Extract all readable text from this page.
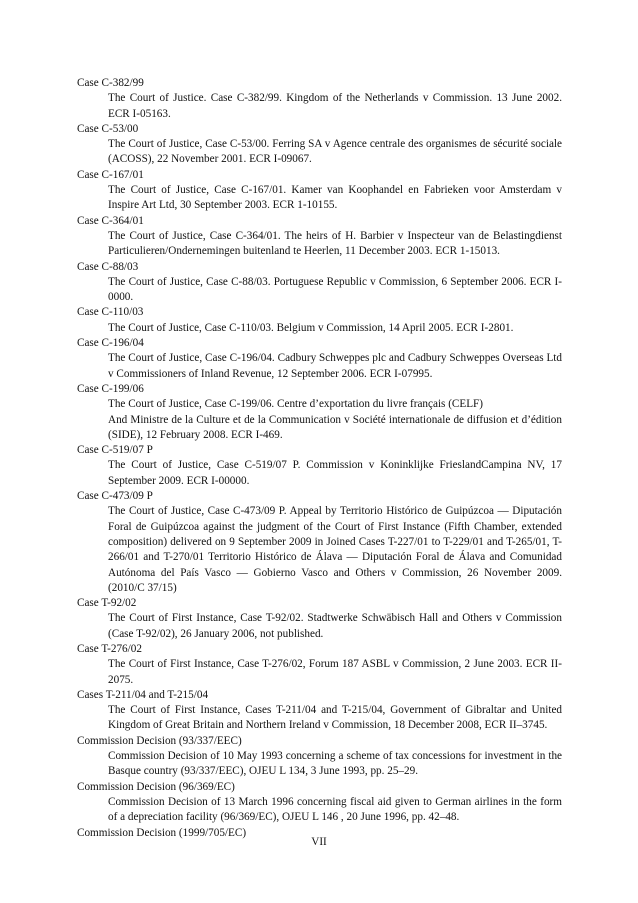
Case C-382/99
The Court of Justice. Case C-382/99. Kingdom of the Netherlands v Commission. 13 June 2002. ECR I-05163.
Case C-53/00
The Court of Justice, Case C-53/00. Ferring SA v Agence centrale des organismes de sécurité sociale (ACOSS), 22 November 2001. ECR I-09067.
Case C-167/01
The Court of Justice, Case C-167/01. Kamer van Koophandel en Fabrieken voor Amsterdam v Inspire Art Ltd, 30 September 2003. ECR 1-10155.
Case C-364/01
The Court of Justice, Case C-364/01. The heirs of H. Barbier v Inspecteur van de Belastingdienst Particulieren/Ondernemingen buitenland te Heerlen, 11 December 2003. ECR 1-15013.
Case C-88/03
The Court of Justice, Case C-88/03. Portuguese Republic v Commission, 6 September 2006. ECR I-0000.
Case C-110/03
The Court of Justice, Case C-110/03. Belgium v Commission, 14 April 2005. ECR I-2801.
Case C-196/04
The Court of Justice, Case C-196/04. Cadbury Schweppes plc and Cadbury Schweppes Overseas Ltd v Commissioners of Inland Revenue, 12 September 2006. ECR I-07995.
Case C-199/06
The Court of Justice, Case C-199/06. Centre d’exportation du livre français (CELF)
And Ministre de la Culture et de la Communication v Société internationale de diffusion et d’édition (SIDE), 12 February 2008. ECR I-469.
Case C-519/07 P
The Court of Justice, Case C-519/07 P. Commission v Koninklijke FrieslandCampina NV, 17 September 2009. ECR I-00000.
Case C-473/09 P
The Court of Justice, Case C-473/09 P. Appeal by Territorio Histórico de Guipúzcoa — Diputación Foral de Guipúzcoa against the judgment of the Court of First Instance (Fifth Chamber, extended composition) delivered on 9 September 2009 in Joined Cases T-227/01 to T-229/01 and T-265/01, T-266/01 and T-270/01 Territorio Histórico de Álava — Diputación Foral de Álava and Comunidad Autónoma del País Vasco — Gobierno Vasco and Others v Commission, 26 November 2009. (2010/C 37/15)
Case T-92/02
The Court of First Instance, Case T-92/02. Stadtwerke Schwäbisch Hall and Others v Commission (Case T-92/02), 26 January 2006, not published.
Case T-276/02
The Court of First Instance, Case T-276/02, Forum 187 ASBL v Commission, 2 June 2003. ECR II-2075.
Cases T-211/04 and T-215/04
The Court of First Instance, Cases T-211/04 and T-215/04, Government of Gibraltar and United Kingdom of Great Britain and Northern Ireland v Commission, 18 December 2008, ECR II–3745.
Commission Decision (93/337/EEC)
Commission Decision of 10 May 1993 concerning a scheme of tax concessions for investment in the Basque country (93/337/EEC), OJEU L 134, 3 June 1993, pp. 25–29.
Commission Decision (96/369/EC)
Commission Decision of 13 March 1996 concerning fiscal aid given to German airlines in the form of a depreciation facility (96/369/EC), OJEU L 146 , 20 June 1996, pp. 42–48.
Commission Decision (1999/705/EC)
VII
